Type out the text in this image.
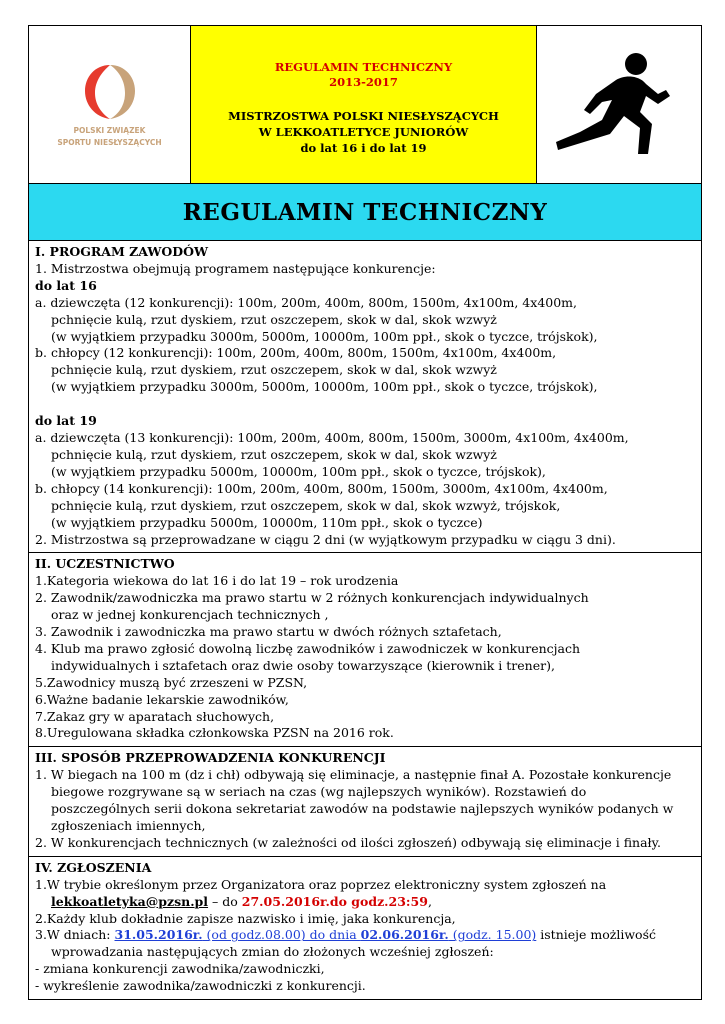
POLSKI ZWIĄZEK
SPORTU NIESŁYSZĄCYCH
REGULAMIN TECHNICZNY
2013-2017
MISTRZOSTWA POLSKI NIESŁYSZĄCYCH
W LEKKOATLETYCE JUNIORÓW
do lat 16 i do lat 19
REGULAMIN TECHNICZNY
I. PROGRAM ZAWODÓW
1. Mistrzostwa obejmują programem następujące konkurencje:
do lat 16
a. dziewczęta (12 konkurencji): 100m, 200m, 400m, 800m, 1500m, 4x100m, 4x400m,
pchnięcie kulą, rzut dyskiem, rzut oszczepem, skok w dal, skok wzwyż
(w wyjątkiem przypadku 3000m, 5000m, 10000m, 100m ppł., skok o tyczce, trójskok),
b. chłopcy (12 konkurencji): 100m, 200m, 400m, 800m, 1500m, 4x100m, 4x400m,
pchnięcie kulą, rzut dyskiem, rzut oszczepem, skok w dal, skok wzwyż
(w wyjątkiem przypadku 3000m, 5000m, 10000m, 100m ppł., skok o tyczce, trójskok),
do lat 19
a. dziewczęta (13 konkurencji): 100m, 200m, 400m, 800m, 1500m, 3000m, 4x100m, 4x400m,
pchnięcie kulą, rzut dyskiem, rzut oszczepem, skok w dal, skok wzwyż
(w wyjątkiem przypadku 5000m, 10000m, 100m ppł., skok o tyczce, trójskok),
b. chłopcy (14 konkurencji): 100m, 200m, 400m, 800m, 1500m, 3000m, 4x100m, 4x400m,
pchnięcie kulą, rzut dyskiem, rzut oszczepem, skok w dal, skok wzwyż, trójskok,
(w wyjątkiem przypadku 5000m, 10000m, 110m ppł., skok o tyczce)
2. Mistrzostwa są przeprowadzane w ciągu 2 dni (w wyjątkowym przypadku w ciągu 3 dni).
II. UCZESTNICTWO
1.Kategoria wiekowa do lat 16 i do lat 19 – rok urodzenia
2. Zawodnik/zawodniczka ma prawo startu w 2 różnych konkurencjach indywidualnych
oraz w jednej konkurencjach technicznych ,
3. Zawodnik i zawodniczka ma prawo startu w dwóch różnych sztafetach,
4. Klub ma prawo zgłosić dowolną liczbę zawodników i zawodniczek w konkurencjach
indywidualnych i sztafetach oraz dwie osoby towarzyszące (kierownik i trener),
5.Zawodnicy muszą być zrzeszeni w PZSN,
6.Ważne badanie lekarskie zawodników,
7.Zakaz gry w aparatach słuchowych,
8.Uregulowana składka członkowska PZSN na 2016 rok.
III. SPOSÓB PRZEPROWADZENIA KONKURENCJI
1. W biegach na 100 m (dz i chł) odbywają się eliminacje, a następnie finał A. Pozostałe konkurencje
biegowe rozgrywane są w seriach na czas (wg najlepszych wyników). Rozstawień do
poszczególnych serii dokona sekretariat zawodów na podstawie najlepszych wyników podanych w
zgłoszeniach imiennych,
2. W konkurencjach technicznych (w zależności od ilości zgłoszeń) odbywają się eliminacje i finały.
IV. ZGŁOSZENIA
1.W trybie określonym przez Organizatora oraz poprzez elektroniczny system zgłoszeń na
lekkoatletyka@pzsn.pl – do 27.05.2016r.do godz.23:59,
2.Każdy klub dokładnie zapisze nazwisko i imię, jaka konkurencja,
3.W dniach: 31.05.2016r. (od godz.08.00) do dnia 02.06.2016r. (godz. 15.00) istnieje możliwość
wprowadzania następujących zmian do złożonych wcześniej zgłoszeń:
- zmiana konkurencji zawodnika/zawodniczki,
- wykreślenie zawodnika/zawodniczki z konkurencji.
